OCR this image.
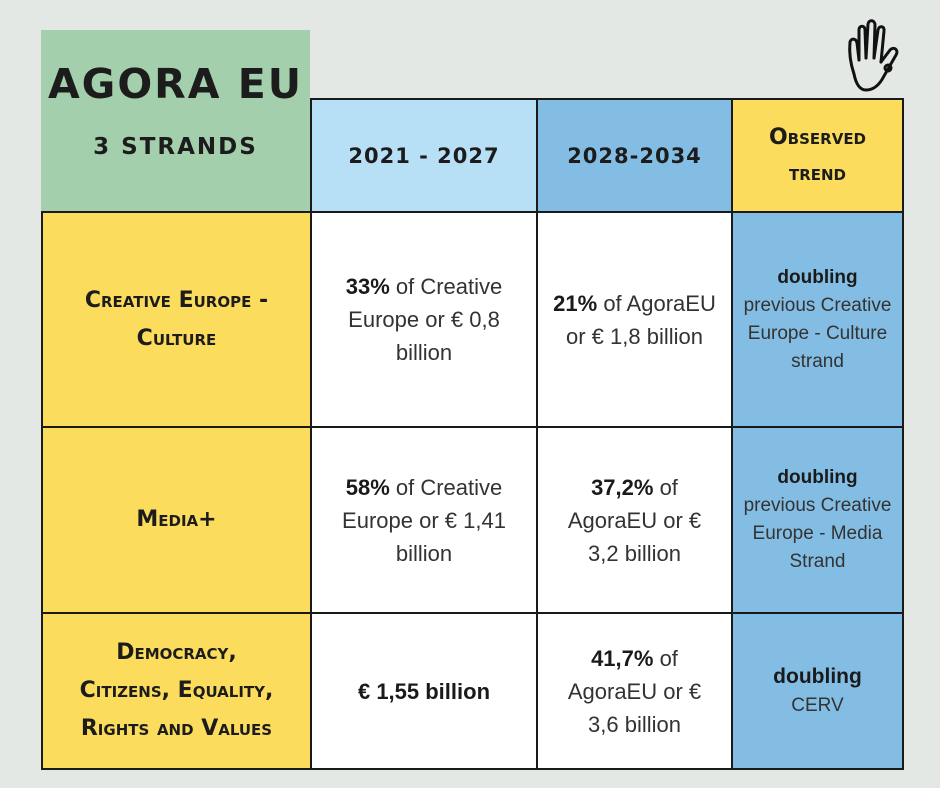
AGORA EU
3 STRANDS	2021 - 2027	2028-2034
Observed
trend
Creative Europe -
Culture
33% of Creative Europe or € 0,8 billion
21% of AgoraEU or € 1,8 billion
doubling
previous Creative Europe - Culture strand
Media+
58% of Creative Europe or € 1,41 billion
37,2% of AgoraEU or € 3,2 billion
doubling
previous Creative Europe - Media Strand
Democracy,
Citizens, Equality,
Rights and Values
€ 1,55 billion
41,7% of AgoraEU or € 3,6 billion
doubling
CERV
